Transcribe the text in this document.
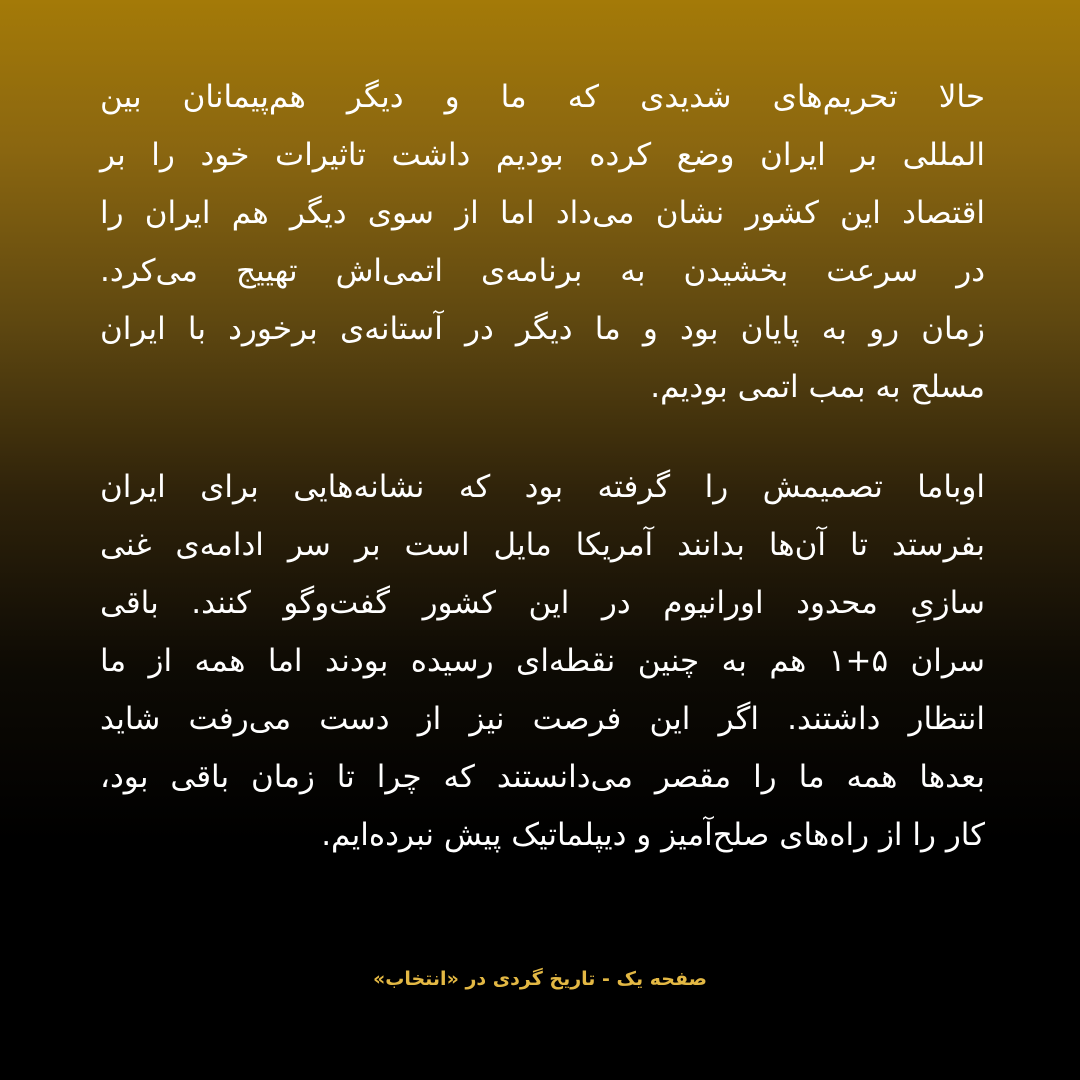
حالا تحریم‌های شدیدی که ما و دیگر هم‌پیمانان بین
المللی بر ایران وضع کرده بودیم داشت تاثیرات خود را بر
اقتصاد این کشور نشان می‌داد اما از سوی دیگر هم ایران را
در سرعت بخشیدن به برنامه‌ی اتمی‌اش تهییج می‌کرد.
زمان رو به پایان بود و ما دیگر در آستانه‌ی برخورد با ایران
مسلح به بمب اتمی بودیم.
اوباما تصمیمش را گرفته بود که نشانه‌هایی برای ایران
بفرستد تا آن‌ها بدانند آمریکا مایل است بر سر ادامه‌ی غنی
سازیِ محدود اورانیوم در این کشور گفت‌وگو کنند. باقی
سران ۵+۱ هم به چنین نقطه‌ای رسیده بودند اما همه از ما
انتظار داشتند. اگر این فرصت نیز از دست می‌رفت شاید
بعدها همه ما را مقصر می‌دانستند که چرا تا زمان باقی بود،
کار را از راه‌های صلح‌آمیز و دیپلماتیک پیش نبرده‌ایم.
صفحه یک - تاریخ گردی در «انتخاب»
